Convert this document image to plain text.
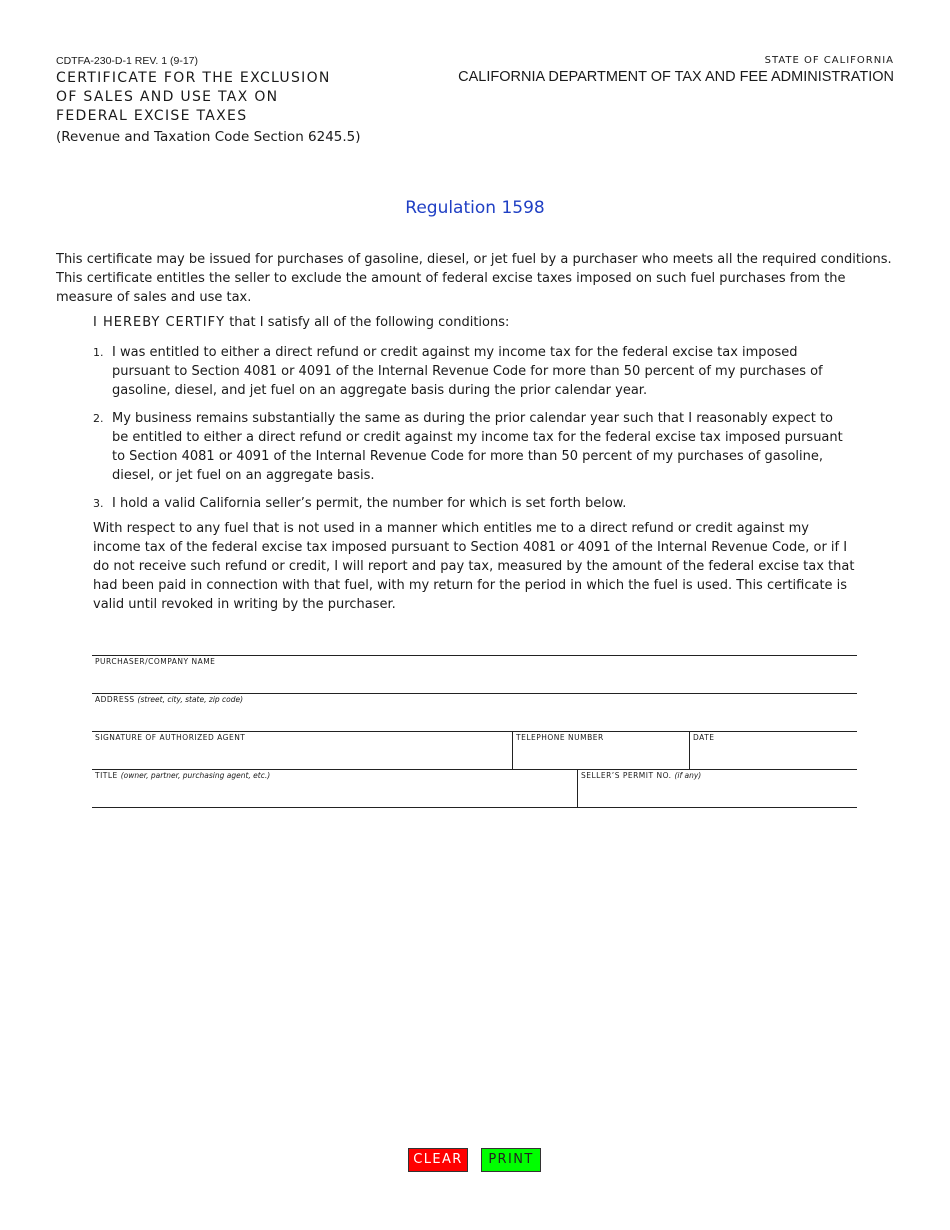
CDTFA-230-D-1 REV. 1 (9-17)
CERTIFICATE FOR THE EXCLUSION
OF SALES AND USE TAX ON
FEDERAL EXCISE TAXES
(Revenue and Taxation Code Section 6245.5)
STATE OF CALIFORNIA
CALIFORNIA DEPARTMENT OF TAX AND FEE ADMINISTRATION
Regulation 1598

This certificate may be issued for purchases of gasoline, diesel, or jet fuel by a purchaser who meets all the required conditions. This certificate entitles the seller to exclude the amount of federal excise taxes imposed on such fuel purchases from the measure of sales and use tax.

I HEREBY CERTIFY that I satisfy all of the following conditions:
1. I was entitled to either a direct refund or credit against my income tax for the federal excise tax imposed pursuant to Section 4081 or 4091 of the Internal Revenue Code for more than 50 percent of my purchases of gasoline, diesel, and jet fuel on an aggregate basis during the prior calendar year.
2. My business remains substantially the same as during the prior calendar year such that I reasonably expect to be entitled to either a direct refund or credit against my income tax for the federal excise tax imposed pursuant to Section 4081 or 4091 of the Internal Revenue Code for more than 50 percent of my purchases of gasoline, diesel, or jet fuel on an aggregate basis.
3. I hold a valid California seller’s permit, the number for which is set forth below.

With respect to any fuel that is not used in a manner which entitles me to a direct refund or credit against my income tax of the federal excise tax imposed pursuant to Section 4081 or 4091 of the Internal Revenue Code, or if I do not receive such refund or credit, I will report and pay tax, measured by the amount of the federal excise tax that had been paid in connection with that fuel, with my return for the period in which the fuel is used. This certificate is valid until revoked in writing by the purchaser.

PURCHASER/COMPANY NAME
ADDRESS (street, city, state, zip code)
SIGNATURE OF AUTHORIZED AGENT	TELEPHONE NUMBER	DATE
TITLE (owner, partner, purchasing agent, etc.)	SELLER’S PERMIT NO. (if any)
CLEAR	PRINT
